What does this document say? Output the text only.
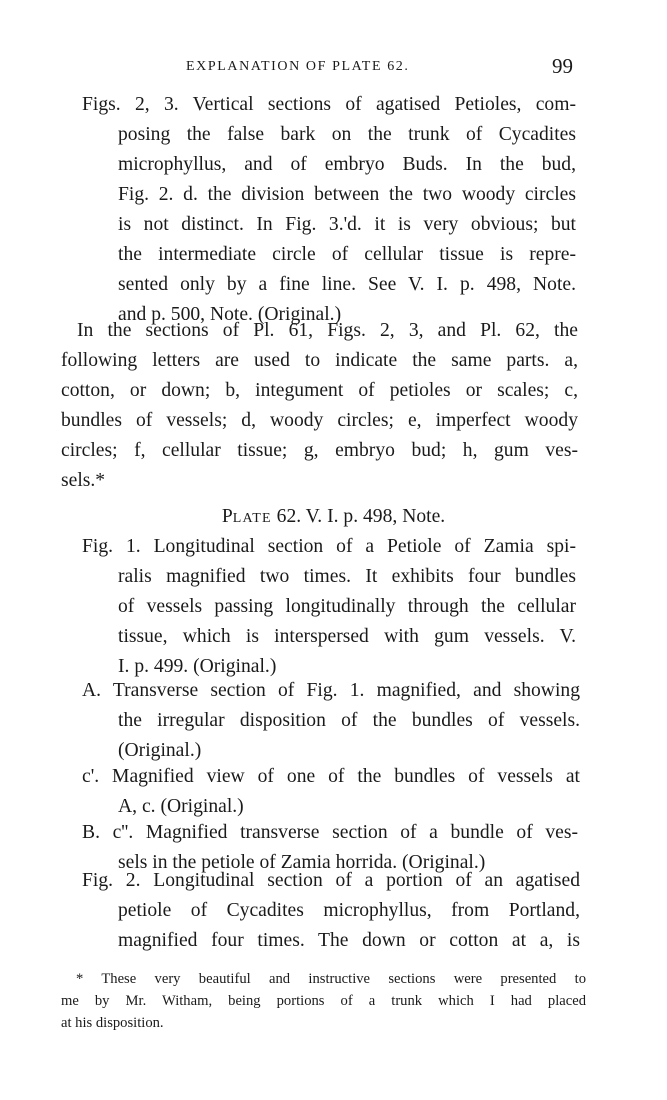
EXPLANATION OF PLATE 62.	99
Figs. 2, 3. Vertical sections of agatised Petioles, com-
posing the false bark on the trunk of Cycadites
microphyllus, and of embryo Buds. In the bud,
Fig. 2. d. the division between the two woody circles
is not distinct. In Fig. 3.'d. it is very obvious; but
the intermediate circle of cellular tissue is repre-
sented only by a fine line. See V. I. p. 498, Note.
and p. 500, Note. (Original.)
In the sections of Pl. 61, Figs. 2, 3, and Pl. 62, the
following letters are used to indicate the same parts. a,
cotton, or down; b, integument of petioles or scales; c,
bundles of vessels; d, woody circles; e, imperfect woody
circles; f, cellular tissue; g, embryo bud; h, gum ves-
sels.*
PLATE 62. V. I. p. 498, Note.
Fig. 1. Longitudinal section of a Petiole of Zamia spi-
ralis magnified two times. It exhibits four bundles
of vessels passing longitudinally through the cellular
tissue, which is interspersed with gum vessels. V.
I. p. 499. (Original.)
A. Transverse section of Fig. 1. magnified, and showing
the irregular disposition of the bundles of vessels.
(Original.)
c'. Magnified view of one of the bundles of vessels at
A, c. (Original.)
B. c''. Magnified transverse section of a bundle of ves-
sels in the petiole of Zamia horrida. (Original.)
Fig. 2. Longitudinal section of a portion of an agatised
petiole of Cycadites microphyllus, from Portland,
magnified four times. The down or cotton at a, is
* These very beautiful and instructive sections were presented to
me by Mr. Witham, being portions of a trunk which I had placed
at his disposition.
